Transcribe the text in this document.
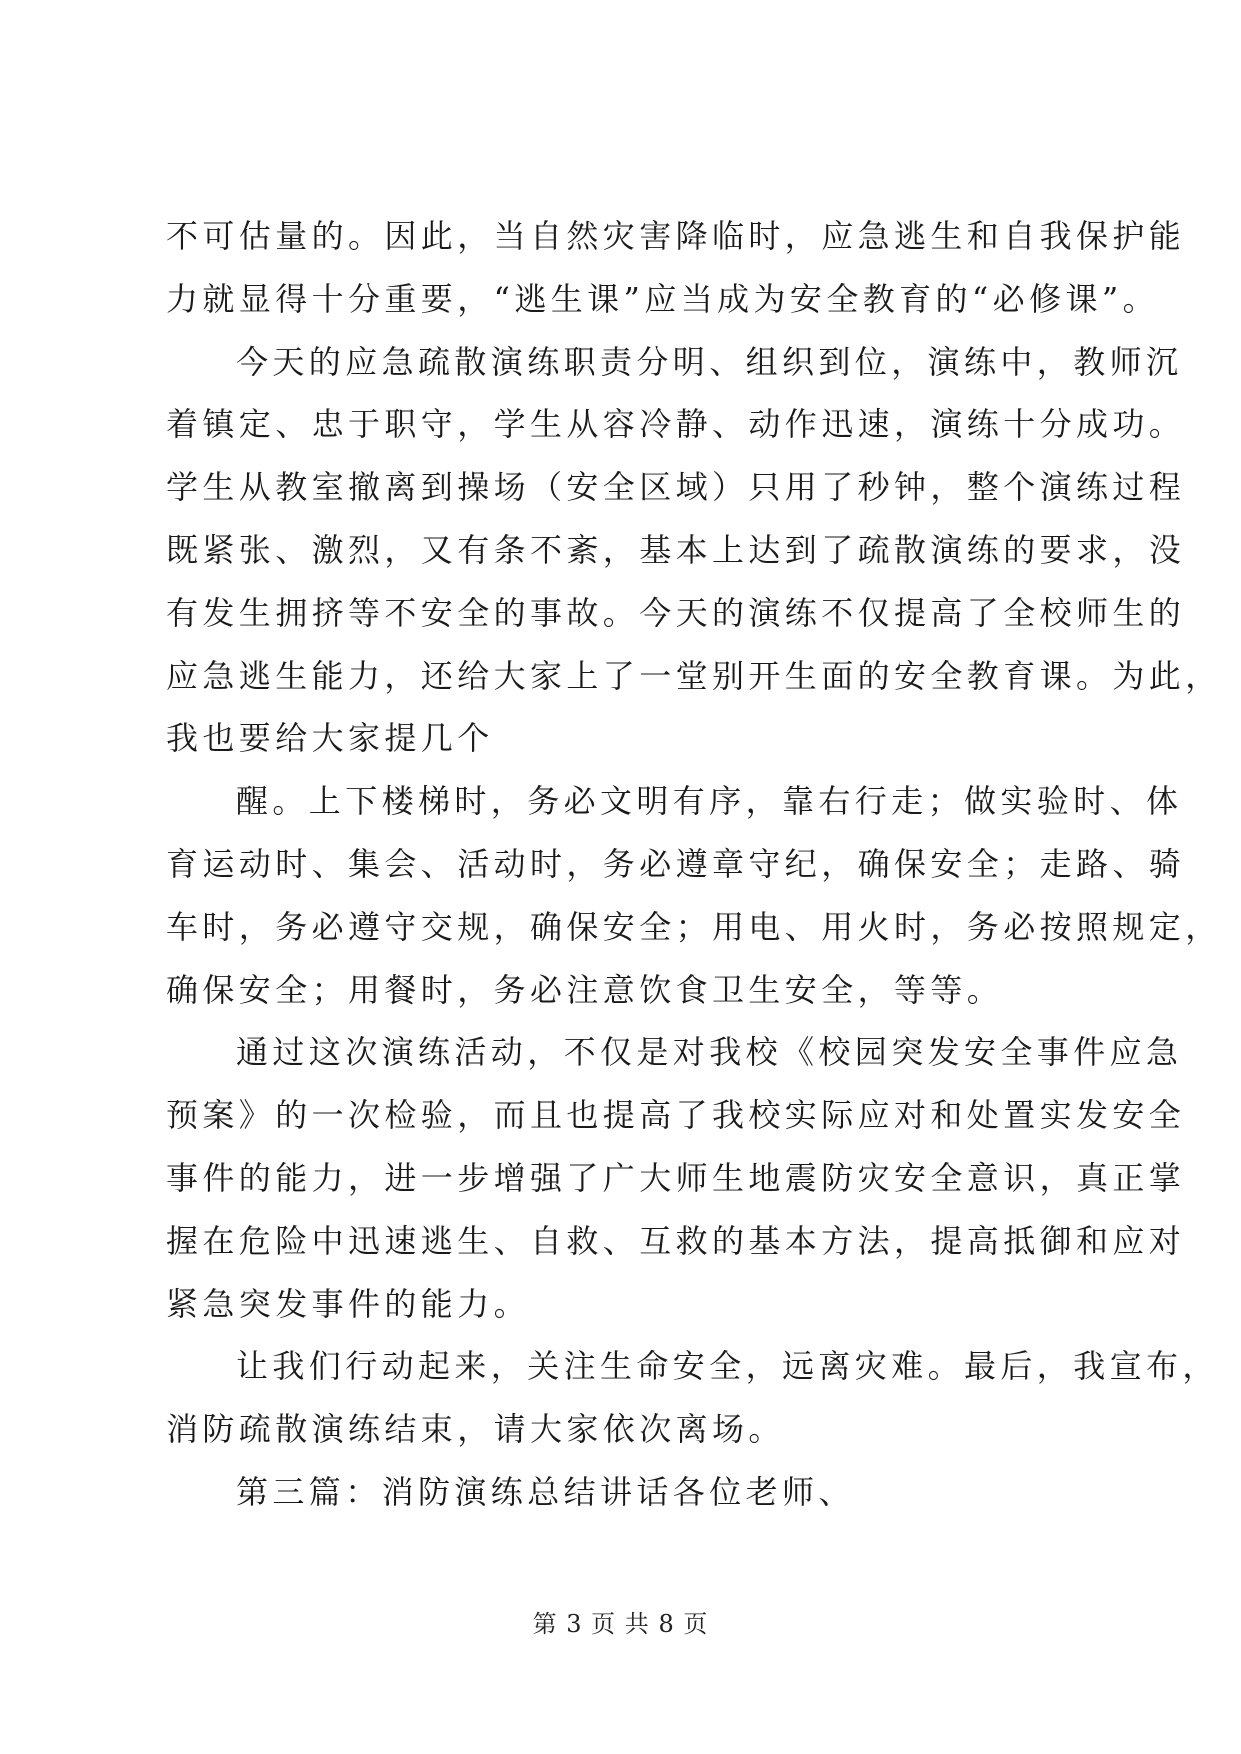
不可估量的。因此，当自然灾害降临时，应急逃生和自我保护能
力就显得十分重要，“逃生课”应当成为安全教育的“必修课”。
今天的应急疏散演练职责分明、组织到位，演练中，教师沉
着镇定、忠于职守，学生从容冷静、动作迅速，演练十分成功。
学生从教室撤离到操场（安全区域）只用了秒钟，整个演练过程
既紧张、激烈，又有条不紊，基本上达到了疏散演练的要求，没
有发生拥挤等不安全的事故。今天的演练不仅提高了全校师生的
应急逃生能力，还给大家上了一堂别开生面的安全教育课。为此，
我也要给大家提几个
醒。上下楼梯时，务必文明有序，靠右行走；做实验时、体
育运动时、集会、活动时，务必遵章守纪，确保安全；走路、骑
车时，务必遵守交规，确保安全；用电、用火时，务必按照规定，
确保安全；用餐时，务必注意饮食卫生安全，等等。
通过这次演练活动，不仅是对我校《校园突发安全事件应急
预案》的一次检验，而且也提高了我校实际应对和处置实发安全
事件的能力，进一步增强了广大师生地震防灾安全意识，真正掌
握在危险中迅速逃生、自救、互救的基本方法，提高抵御和应对
紧急突发事件的能力。
让我们行动起来，关注生命安全，远离灾难。最后，我宣布，
消防疏散演练结束，请大家依次离场。
第三篇：消防演练总结讲话各位老师、
第 3 页 共 8 页
